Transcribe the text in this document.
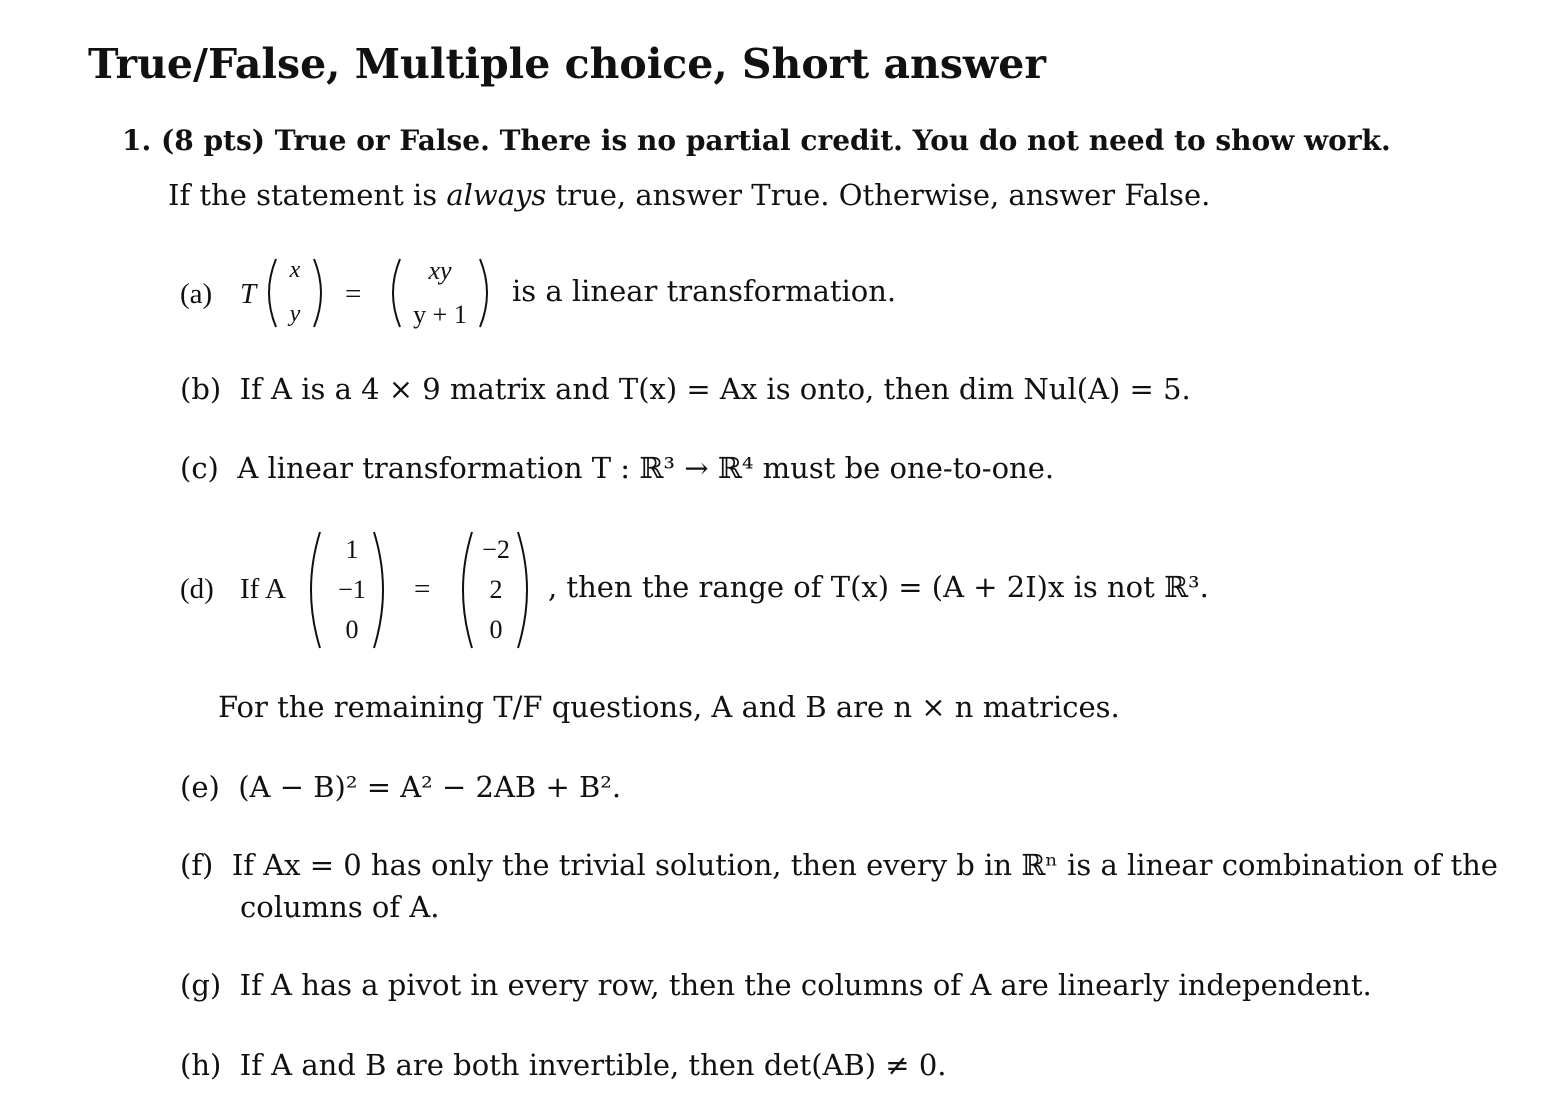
True/False, Multiple choice, Short answer
1. (8 pts) True or False. There is no partial credit. You do not need to show work.
If the statement is always true, answer True. Otherwise, answer False.
(a) T
x
y
=
xy
y + 1
is a linear transformation.
(b) If A is a 4 × 9 matrix and T(x) = Ax is onto, then dim Nul(A) = 5.
(c) A linear transformation T : ℝ³ → ℝ⁴ must be one-to-one.
(d) If A
1
−1
0
=
−2
2
0
, then the range of T(x) = (A + 2I)x is not ℝ³.
For the remaining T/F questions, A and B are n × n matrices.
(e) (A − B)² = A² − 2AB + B².
(f) If Ax = 0 has only the trivial solution, then every b in ℝⁿ is a linear combination of the
columns of A.
(g) If A has a pivot in every row, then the columns of A are linearly independent.
(h) If A and B are both invertible, then det(AB) ≠ 0.
